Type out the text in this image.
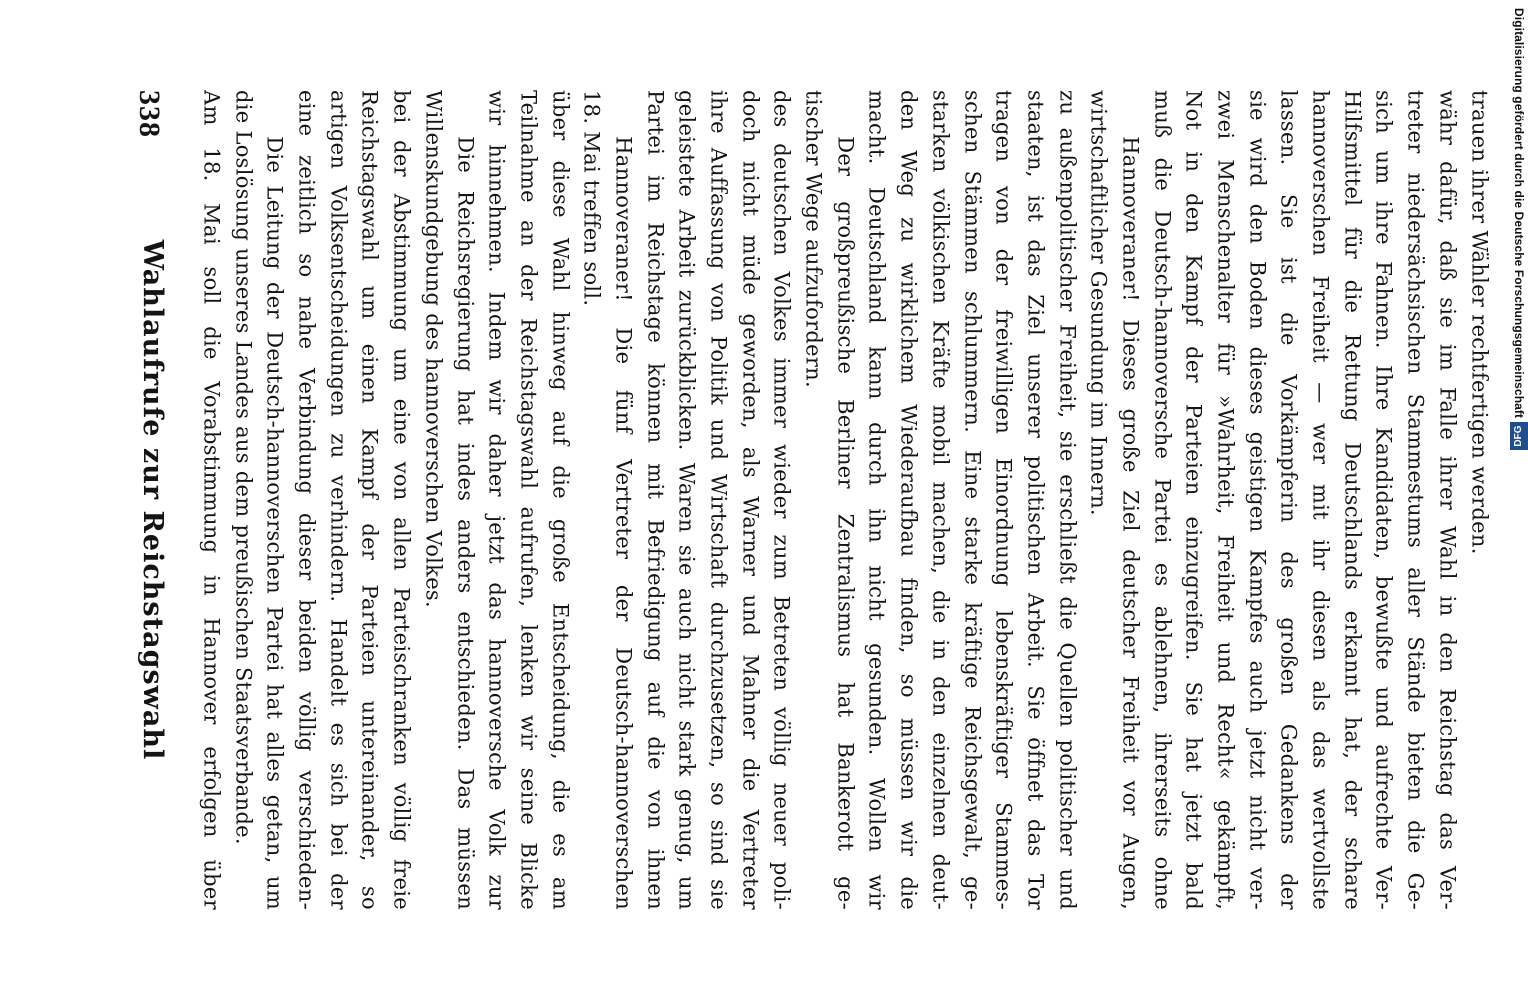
338
Wahlaufrufe zur Reichstagswahl Am 18. Mai soll die Vorabstimmung in Hannover erfolgen über die Loslösung unseres Landes aus dem preußischen Staatsverbande. Die Leitung der Deutsch-hannoverschen Partei hat alles getan, um eine zeitlich so nahe Verbindung dieser beiden völlig verschieden- artigen Volksentscheidungen zu verhindern. Handelt es sich bei der Reichstagswahl um einen Kampf der Parteien untereinander, so bei der Abstimmung um eine von allen Parteischranken völlig freie Willenskundgebung des hannoverschen Volkes. Die Reichsregierung hat indes anders entschieden. Das müssen wir hinnehmen. Indem wir daher jetzt das hannoversche Volk zur Teilnahme an der Reichstagswahl aufrufen, lenken wir seine Blicke über diese Wahl hinweg auf die große Entscheidung, die es am 18. Mai treffen soll. Hannoveraner! Die fünf Vertreter der Deutsch-hannoverschen Partei im Reichstage können mit Befriedigung auf die von ihnen geleistete Arbeit zurückblicken. Waren sie auch nicht stark genug, um ihre Auffassung von Politik und Wirtschaft durchzusetzen, so sind sie doch nicht müde geworden, als Warner und Mahner die Vertreter des deutschen Volkes immer wieder zum Betreten völlig neuer poli- tischer Wege aufzufordern. Der großpreußische Berliner Zentralismus hat Bankerott ge- macht. Deutschland kann durch ihn nicht gesunden. Wollen wir den Weg zu wirklichem Wiederaufbau finden, so müssen wir die starken völkischen Kräfte mobil machen, die in den einzelnen deut- schen Stämmen schlummern. Eine starke kräftige Reichsgewalt, ge- tragen von der freiwilligen Einordnung lebenskräftiger Stammes- staaten, ist das Ziel unserer politischen Arbeit. Sie öffnet das Tor zu außenpolitischer Freiheit, sie erschließt die Quellen politischer und wirtschaftlicher Gesundung im Innern. Hannoveraner! Dieses große Ziel deutscher Freiheit vor Augen, muß die Deutsch-hannoversche Partei es ablehnen, ihrerseits ohne Not in den Kampf der Parteien einzugreifen. Sie hat jetzt bald zwei Menschenalter für »Wahrheit, Freiheit und Recht« gekämpft, sie wird den Boden dieses geistigen Kampfes auch jetzt nicht ver- lassen. Sie ist die Vorkämpferin des großen Gedankens der hannoverschen Freiheit — wer mit ihr diesen als das wertvollste Hilfsmittel für die Rettung Deutschlands erkannt hat, der schare sich um ihre Fahnen. Ihre Kandidaten, bewußte und aufrechte Ver- treter niedersächsischen Stammestums aller Stände bieten die Ge- währ dafür, daß sie im Falle ihrer Wahl in den Reichstag das Ver- trauen ihrer Wähler rechtfertigen werden. Digitalisierung gefördert durch die Deutsche Forschungsgemeinschaft
DFG
